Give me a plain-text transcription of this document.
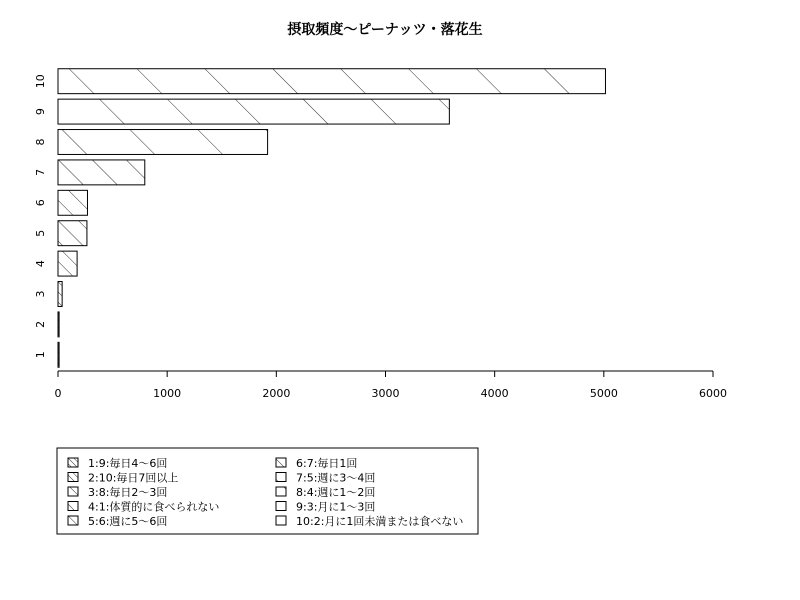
摂取頻度〜ピーナッツ・落花生
1
2
3
4
5
6
7
8
9
10
0	1000	2000	3000	4000	5000	6000
1:9:毎日4〜6回
2:10:毎日7回以上
3:8:毎日2〜3回
4:1:体質的に食べられない
5:6:週に5〜6回
6:7:毎日1回
7:5:週に3〜4回
8:4:週に1〜2回
9:3:月に1〜3回
10:2:月に1回未満または食べない
